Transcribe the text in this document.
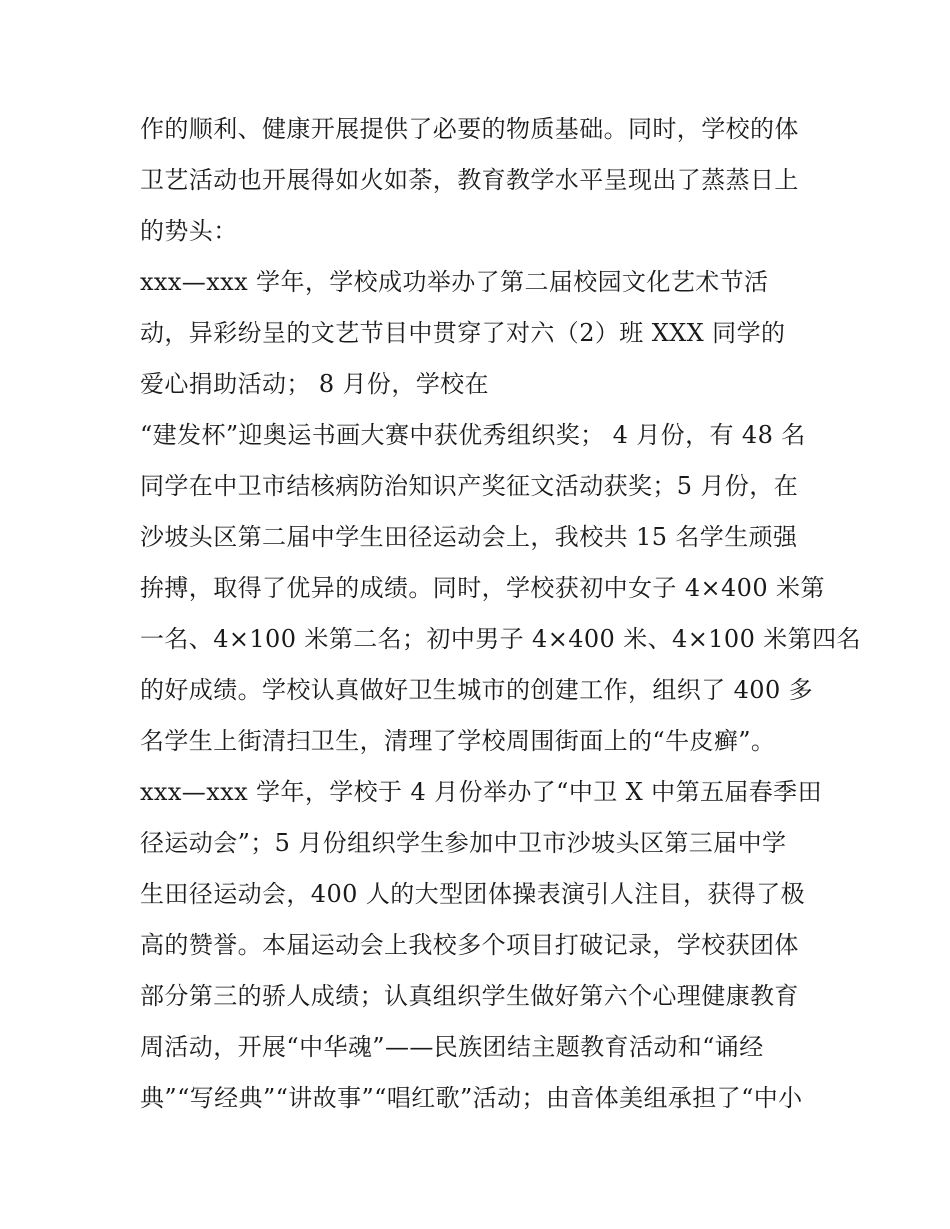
作的顺利、健康开展提供了必要的物质基础。同时，学校的体
卫艺活动也开展得如火如荼，教育教学水平呈现出了蒸蒸日上
的势头：
xxx—xxx 学年，学校成功举办了第二届校园文化艺术节活
动，异彩纷呈的文艺节目中贯穿了对六（2）班 XXX 同学的
爱心捐助活动； 8 月份，学校在
“建发杯”迎奥运书画大赛中获优秀组织奖； 4 月份，有 48 名
同学在中卫市结核病防治知识产奖征文活动获奖；5 月份，在
沙坡头区第二届中学生田径运动会上，我校共 15 名学生顽强
拚搏，取得了优异的成绩。同时，学校获初中女子 4×400 米第
一名、4×100 米第二名；初中男子 4×400 米、4×100 米第四名
的好成绩。学校认真做好卫生城市的创建工作，组织了 400 多
名学生上街清扫卫生，清理了学校周围街面上的“牛皮癣”。
xxx—xxx 学年，学校于 4 月份举办了“中卫 X 中第五届春季田
径运动会”；5 月份组织学生参加中卫市沙坡头区第三届中学
生田径运动会，400 人的大型团体操表演引人注目，获得了极
高的赞誉。本届运动会上我校多个项目打破记录，学校获团体
部分第三的骄人成绩；认真组织学生做好第六个心理健康教育
周活动，开展“中华魂”——民族团结主题教育活动和“诵经
典”“写经典”“讲故事”“唱红歌”活动；由音体美组承担了“中小
